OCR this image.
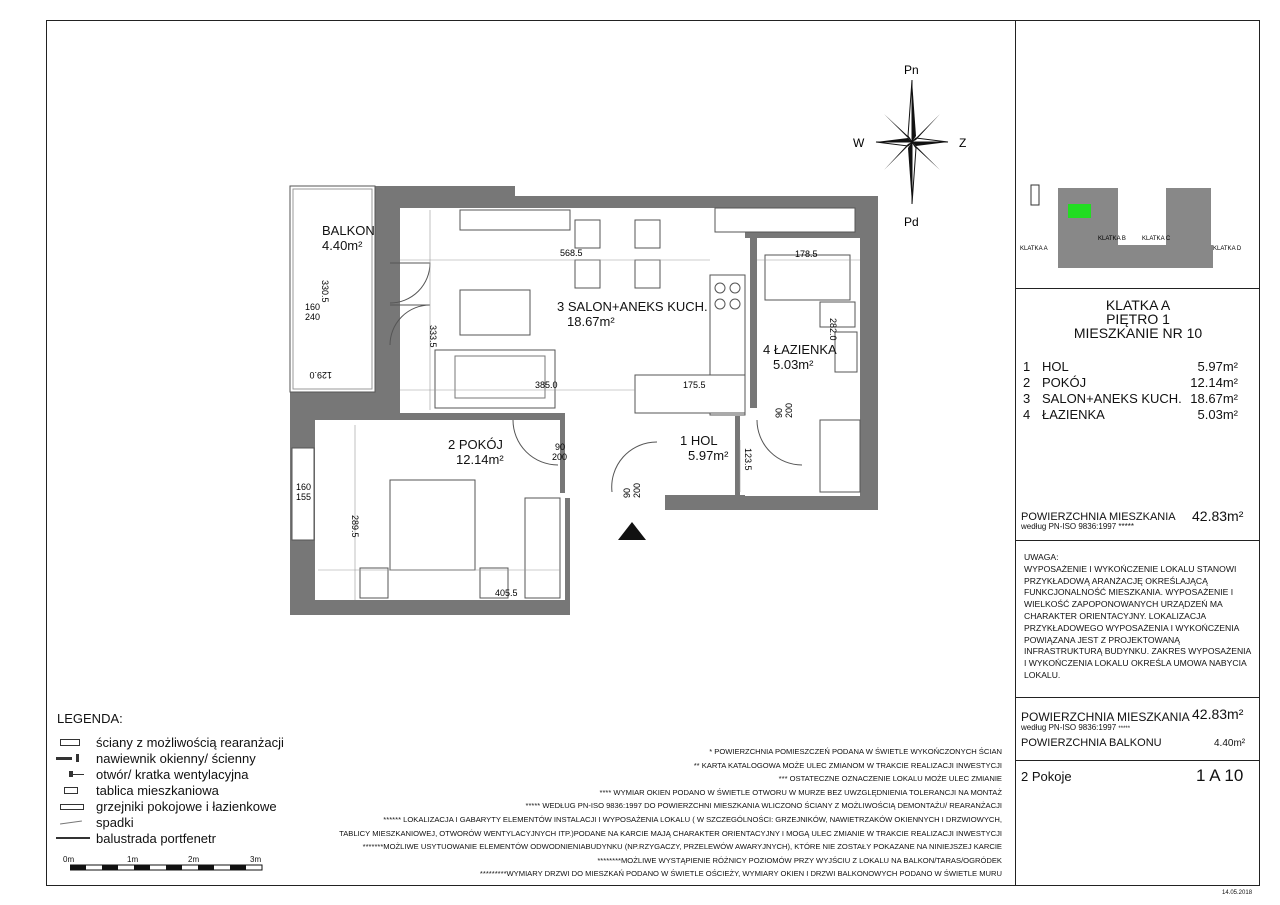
Pn
Pd
W	Z
568.5
385.0	175.5
178.5
405.5
160
240
160
155
90
200
330.5
129.0
333.5
289.5
282.0
90 200
90 200
123.5
BALKON
4.40m²
3 SALON+ANEKS KUCH.
18.67m²
4 ŁAZIENKA
5.03m²
2 POKÓJ
12.14m²
1 HOL
5.97m²
KLATKA A
KLATKA B	KLATKA C
KLATKA D
KLATKA A
PIĘTRO 1
MIESZKANIE NR 10
1 HOL	5.97m²
2 POKÓJ	12.14m²
3 SALON+ANEKS KUCH. 18.67m²
4 ŁAZIENKA	5.03m²
POWIERZCHNIA MIESZKANIA
według PN-ISO 9836:1997 *****
42.83m²
UWAGA:
WYPOSAŻENIE I WYKOŃCZENIE LOKALU STANOWI
PRZYKŁADOWĄ ARANŻACJĘ OKREŚLAJĄCĄ
FUNKCJONALNOŚĆ MIESZKANIA. WYPOSAŻENIE I
WIELKOŚĆ ZAPOPONOWANYCH URZĄDZEŃ MA
CHARAKTER ORIENTACYJNY. LOKALIZACJA
PRZYKŁADOWEGO WYPOSAŻENIA I WYKOŃCZENIA
POWIĄZANA JEST Z PROJEKTOWANĄ
INFRASTRUKTURĄ BUDYNKU. ZAKRES WYPOSAŻENIA
I WYKOŃCZENIA LOKALU OKREŚLA UMOWA NABYCIA
LOKALU.
POWIERZCHNIA MIESZKANIA 42.83m²
według PN-ISO 9836:1997 *****
POWIERZCHNIA BALKONU	4.40m²
2 Pokoje	1 A 10
LEGENDA:
ściany z możliwością rearanżacji
nawiewnik okienny/ ścienny
otwór/ kratka wentylacyjna
tablica mieszkaniowa
grzejniki pokojowe i łazienkowe
spadki
balustrada portfenetr
0m	1m	2m	3m
* POWIERZCHNIA POMIESZCZEŃ PODANA W ŚWIETLE WYKOŃCZONYCH ŚCIAN
** KARTA KATALOGOWA MOŻE ULEC ZMIANOM W TRAKCIE REALIZACJI INWESTYCJI
*** OSTATECZNE OZNACZENIE LOKALU MOŻE ULEC ZMIANIE
**** WYMIAR OKIEN PODANO W ŚWIETLE OTWORU W MURZE BEZ UWZGLĘDNIENIA TOLERANCJI NA MONTAŻ
***** WEDŁUG PN-ISO 9836:1997 DO POWIERZCHNI MIESZKANIA WLICZONO ŚCIANY Z MOŻLIWOŚCIĄ DEMONTAŻU/ REARANŻACJI
****** LOKALIZACJA I GABARYTY ELEMENTÓW INSTALACJI I WYPOSAŻENIA LOKALU ( W SZCZEGÓLNOŚCI: GRZEJNIKÓW, NAWIETRZAKÓW OKIENNYCH I DRZWIOWYCH,
TABLICY MIESZKANIOWEJ, OTWORÓW WENTYLACYJNYCH ITP.)PODANE NA KARCIE MAJĄ CHARAKTER ORIENTACYJNY I MOGĄ ULEC ZMIANIE W TRAKCIE REALIZACJI INWESTYCJI
*******MOŻLIWE USYTUOWANIE ELEMENTÓW ODWODNIENIABUDYNKU (NP.RZYGACZY, PRZELEWÓW AWARYJNYCH), KTÓRE NIE ZOSTAŁY POKAZANE NA NINIEJSZEJ KARCIE
********MOŻLIWE WYSTĄPIENIE RÓŻNICY POZIOMÓW PRZY WYJŚCIU Z LOKALU NA BALKON/TARAS/OGRÓDEK
*********WYMIARY DRZWI DO MIESZKAŃ PODANO W ŚWIETLE OŚCIEŻY, WYMIARY OKIEN I DRZWI BALKONOWYCH PODANO W ŚWIETLE MURU
14.05.2018
